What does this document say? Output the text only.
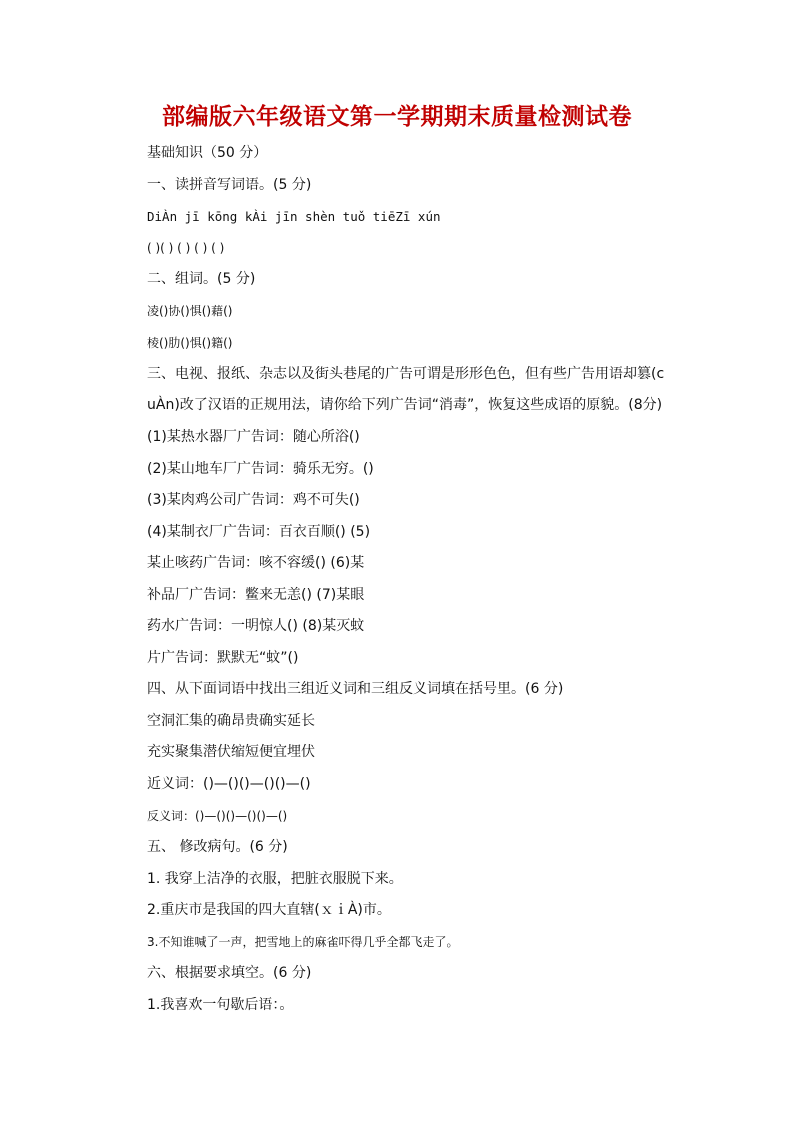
部编版六年级语文第一学期期末质量检测试卷
基础知识（50 分）
一、读拼音写词语。(5 分)
DiÀn jī kōng kÀi jīn shèn tuǒ tiēZī xún
( )( ) ( ) ( ) ( )
二、组词。(5 分)
凌()协()惧()藉()
棱()肋()惧()籍()
三、电视、报纸、杂志以及街头巷尾的广告可谓是形形色色，但有些广告用语却篡(c
uÀn)改了汉语的正规用法，请你给下列广告词“消毒”，恢复这些成语的原貌。(8分)
(1)某热水器厂广告词：随心所浴()
(2)某山地车厂广告词：骑乐无穷。()
(3)某肉鸡公司广告词：鸡不可失()
(4)某制衣厂广告词：百衣百顺() (5)
某止咳药广告词：咳不容缓() (6)某
补品厂广告词：鳖来无恙() (7)某眼
药水广告词：一明惊人() (8)某灭蚊
片广告词：默默无“蚊”()
四、从下面词语中找出三组近义词和三组反义词填在括号里。(6 分)
空洞汇集的确昂贵确实延长
充实聚集潜伏缩短便宜埋伏
近义词：()—()()—()()—()
反义词：()—()()—()()—()
五、 修改病句。(6 分)
1. 我穿上洁净的衣服，把脏衣服脱下来。
2.重庆市是我国的四大直辖(ｘｉÀ)市。
3.不知谁喊了一声，把雪地上的麻雀吓得几乎全都飞走了。
六、根据要求填空。(6 分)
1.我喜欢一句歇后语：。
